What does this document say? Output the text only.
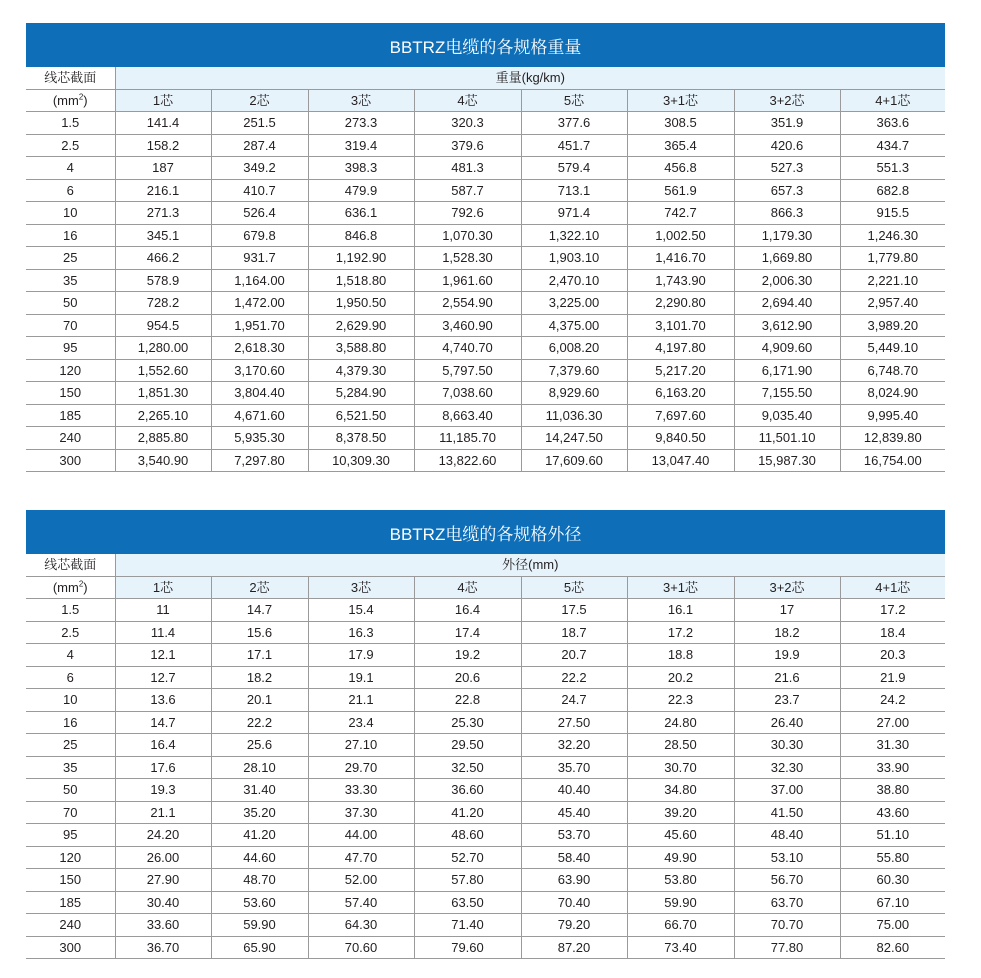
BBTRZ电缆的各规格重量
线芯截面	重量(kg/km)							
$(mm^2)$	1芯	2芯	3芯	4芯	5芯	3+1芯	3+2芯	4+1芯
1.5	141.4	251.5	273.3	320.3	377.6	308.5	351.9	363.6
2.5	158.2	287.4	319.4	379.6	451.7	365.4	420.6	434.7
4	187	349.2	398.3	481.3	579.4	456.8	527.3	551.3
6	216.1	410.7	479.9	587.7	713.1	561.9	657.3	682.8
10	271.3	526.4	636.1	792.6	971.4	742.7	866.3	915.5
16	345.1	679.8	846.8	1,070.30	1,322.10	1,002.50	1,179.30	1,246.30
25	466.2	931.7	1,192.90	1,528.30	1,903.10	1,416.70	1,669.80	1,779.80
35	578.9	1,164.00	1,518.80	1,961.60	2,470.10	1,743.90	2,006.30	2,221.10
50	728.2	1,472.00	1,950.50	2,554.90	3,225.00	2,290.80	2,694.40	2,957.40
70	954.5	1,951.70	2,629.90	3,460.90	4,375.00	3,101.70	3,612.90	3,989.20
95	1,280.00	2,618.30	3,588.80	4,740.70	6,008.20	4,197.80	4,909.60	5,449.10
120	1,552.60	3,170.60	4,379.30	5,797.50	7,379.60	5,217.20	6,171.90	6,748.70
150	1,851.30	3,804.40	5,284.90	7,038.60	8,929.60	6,163.20	7,155.50	8,024.90
185	2,265.10	4,671.60	6,521.50	8,663.40	11,036.30	7,697.60	9,035.40	9,995.40
240	2,885.80	5,935.30	8,378.50	11,185.70	14,247.50	9,840.50	11,501.10	12,839.80
300	3,540.90	7,297.80	10,309.30	13,822.60	17,609.60	13,047.40	15,987.30	16,754.00
BBTRZ电缆的各规格外径
线芯截面	外径(mm)							
$(mm^2)$	1芯	2芯	3芯	4芯	5芯	3+1芯	3+2芯	4+1芯
1.5	11	14.7	15.4	16.4	17.5	16.1	17	17.2
2.5	11.4	15.6	16.3	17.4	18.7	17.2	18.2	18.4
4	12.1	17.1	17.9	19.2	20.7	18.8	19.9	20.3
6	12.7	18.2	19.1	20.6	22.2	20.2	21.6	21.9
10	13.6	20.1	21.1	22.8	24.7	22.3	23.7	24.2
16	14.7	22.2	23.4	25.30	27.50	24.80	26.40	27.00
25	16.4	25.6	27.10	29.50	32.20	28.50	30.30	31.30
35	17.6	28.10	29.70	32.50	35.70	30.70	32.30	33.90
50	19.3	31.40	33.30	36.60	40.40	34.80	37.00	38.80
70	21.1	35.20	37.30	41.20	45.40	39.20	41.50	43.60
95	24.20	41.20	44.00	48.60	53.70	45.60	48.40	51.10
120	26.00	44.60	47.70	52.70	58.40	49.90	53.10	55.80
150	27.90	48.70	52.00	57.80	63.90	53.80	56.70	60.30
185	30.40	53.60	57.40	63.50	70.40	59.90	63.70	67.10
240	33.60	59.90	64.30	71.40	79.20	66.70	70.70	75.00
300	36.70	65.90	70.60	79.60	87.20	73.40	77.80	82.60
